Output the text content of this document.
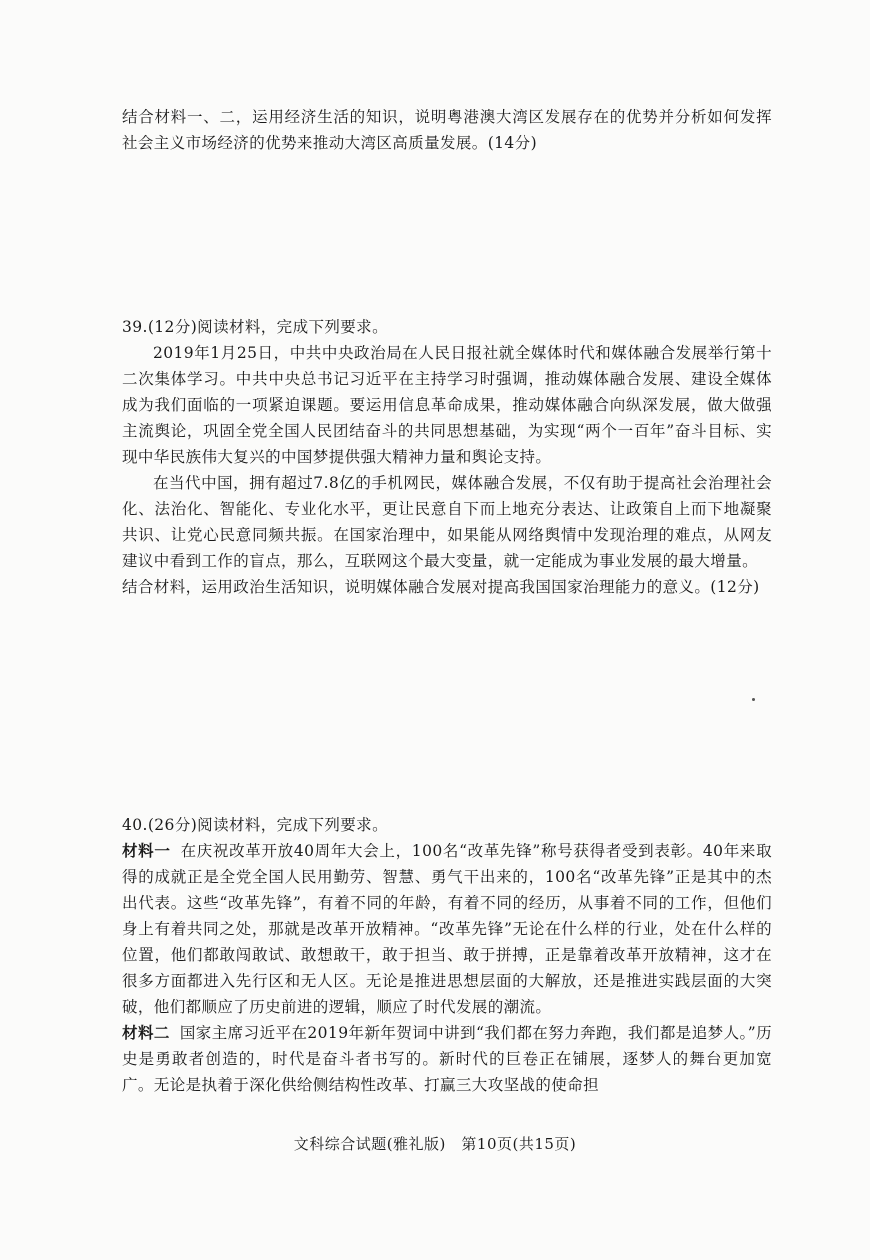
结合材料一、二，运用经济生活的知识，说明粤港澳大湾区发展存在的优势并分析如何发挥社会主义市场经济的优势来推动大湾区高质量发展。(14分)

39.(12分)阅读材料，完成下列要求。

2019年1月25日，中共中央政治局在人民日报社就全媒体时代和媒体融合发展举行第十二次集体学习。中共中央总书记习近平在主持学习时强调，推动媒体融合发展、建设全媒体成为我们面临的一项紧迫课题。要运用信息革命成果，推动媒体融合向纵深发展，做大做强主流舆论，巩固全党全国人民团结奋斗的共同思想基础，为实现“两个一百年”奋斗目标、实现中华民族伟大复兴的中国梦提供强大精神力量和舆论支持。

在当代中国，拥有超过7.8亿的手机网民，媒体融合发展，不仅有助于提高社会治理社会化、法治化、智能化、专业化水平，更让民意自下而上地充分表达、让政策自上而下地凝聚共识、让党心民意同频共振。在国家治理中，如果能从网络舆情中发现治理的难点，从网友建议中看到工作的盲点，那么，互联网这个最大变量，就一定能成为事业发展的最大增量。

结合材料，运用政治生活知识，说明媒体融合发展对提高我国国家治理能力的意义。(12分)

40.(26分)阅读材料，完成下列要求。

材料一 在庆祝改革开放40周年大会上，100名“改革先锋”称号获得者受到表彰。40年来取得的成就正是全党全国人民用勤劳、智慧、勇气干出来的，100名“改革先锋”正是其中的杰出代表。这些“改革先锋”，有着不同的年龄，有着不同的经历，从事着不同的工作，但他们身上有着共同之处，那就是改革开放精神。“改革先锋”无论在什么样的行业，处在什么样的位置，他们都敢闯敢试、敢想敢干，敢于担当、敢于拼搏，正是靠着改革开放精神，这才在很多方面都进入先行区和无人区。无论是推进思想层面的大解放，还是推进实践层面的大突破，他们都顺应了历史前进的逻辑，顺应了时代发展的潮流。

材料二 国家主席习近平在2019年新年贺词中讲到“我们都在努力奔跑，我们都是追梦人。”历史是勇敢者创造的，时代是奋斗者书写的。新时代的巨卷正在铺展，逐梦人的舞台更加宽广。无论是执着于深化供给侧结构性改革、打赢三大攻坚战的使命担

文科综合试题(雅礼版)　第10页(共15页)
